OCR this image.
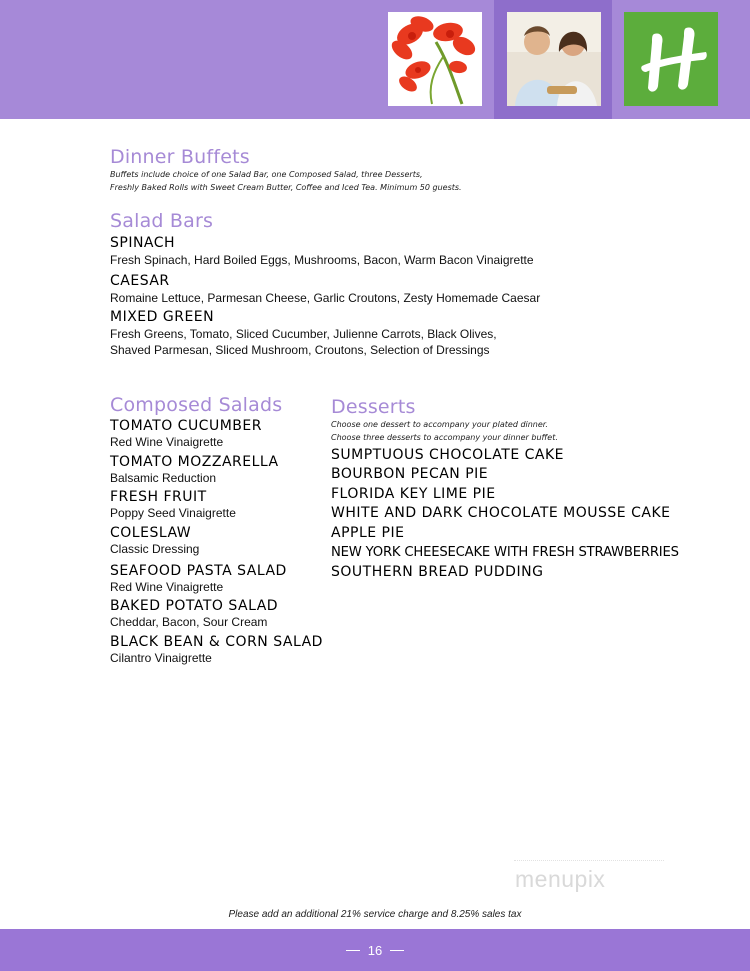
Dinner Buffets
Buffets include choice of one Salad Bar, one Composed Salad, three Desserts,
Freshly Baked Rolls with Sweet Cream Butter, Coffee and Iced Tea. Minimum 50 guests.
Salad Bars
SPINACH
Fresh Spinach, Hard Boiled Eggs, Mushrooms, Bacon, Warm Bacon Vinaigrette
CAESAR
Romaine Lettuce, Parmesan Cheese, Garlic Croutons, Zesty Homemade Caesar
MIXED GREEN
Fresh Greens, Tomato, Sliced Cucumber, Julienne Carrots, Black Olives,
Shaved Parmesan, Sliced Mushroom, Croutons, Selection of Dressings
Composed Salads
TOMATO CUCUMBER
Red Wine Vinaigrette
TOMATO MOZZARELLA
Balsamic Reduction
FRESH FRUIT
Poppy Seed Vinaigrette
COLESLAW
Classic Dressing
SEAFOOD PASTA SALAD
Red Wine Vinaigrette
BAKED POTATO SALAD
Cheddar, Bacon, Sour Cream
BLACK BEAN & CORN SALAD
Cilantro Vinaigrette
Desserts
Choose one dessert to accompany your plated dinner.
Choose three desserts to accompany your dinner buffet.
SUMPTUOUS CHOCOLATE CAKE
BOURBON PECAN PIE
FLORIDA KEY LIME PIE
WHITE AND DARK CHOCOLATE MOUSSE CAKE
APPLE PIE
NEW YORK CHEESECAKE WITH FRESH STRAWBERRIES
SOUTHERN BREAD PUDDING
menupix
Please add an additional 21% service charge and 8.25% sales tax
16
